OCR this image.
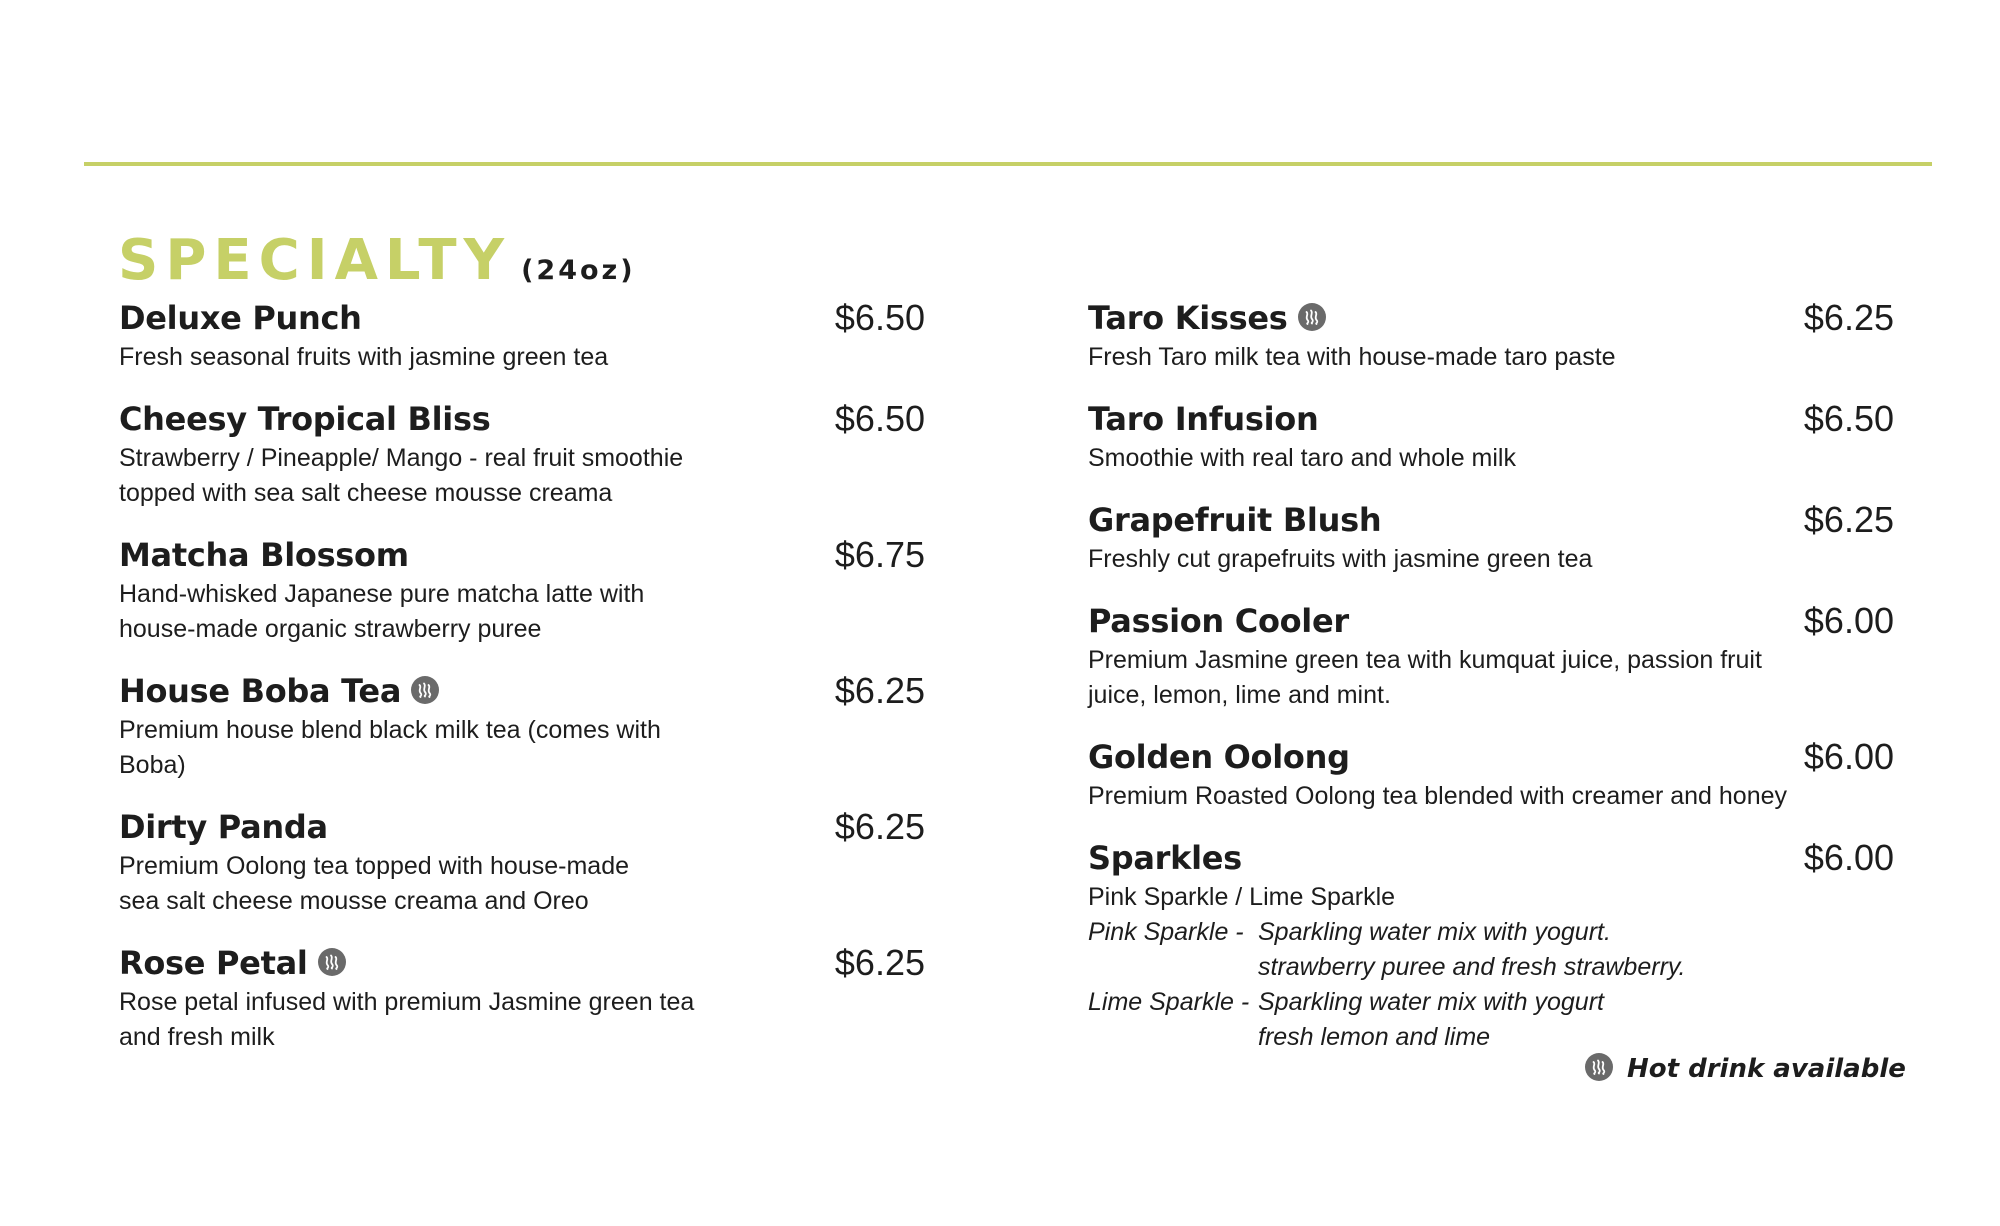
SPECIALTY (24oz)
Deluxe Punch	$6.50
Fresh seasonal fruits with jasmine green tea
Cheesy Tropical Bliss	$6.50
Strawberry / Pineapple/ Mango - real fruit smoothie
topped with sea salt cheese mousse creama
Matcha Blossom	$6.75
Hand-whisked Japanese pure matcha latte with
house-made organic strawberry puree
House Boba Tea	$6.25
Premium house blend black milk tea (comes with
Boba)
Dirty Panda	$6.25
Premium Oolong tea topped with house-made
sea salt cheese mousse creama and Oreo
Rose Petal	$6.25
Rose petal infused with premium Jasmine green tea
and fresh milk
Taro Kisses	$6.25
Fresh Taro milk tea with house-made taro paste
Taro Infusion	$6.50
Smoothie with real taro and whole milk
Grapefruit Blush	$6.25
Freshly cut grapefruits with jasmine green tea
Passion Cooler	$6.00
Premium Jasmine green tea with kumquat juice, passion fruit
juice, lemon, lime and mint.
Golden Oolong	$6.00
Premium Roasted Oolong tea blended with creamer and honey
Sparkles	$6.00
Pink Sparkle / Lime Sparkle
Pink Sparkle - Sparkling water mix with yogurt.
strawberry puree and fresh strawberry.
Lime Sparkle - Sparkling water mix with yogurt
fresh lemon and lime
Hot drink available
